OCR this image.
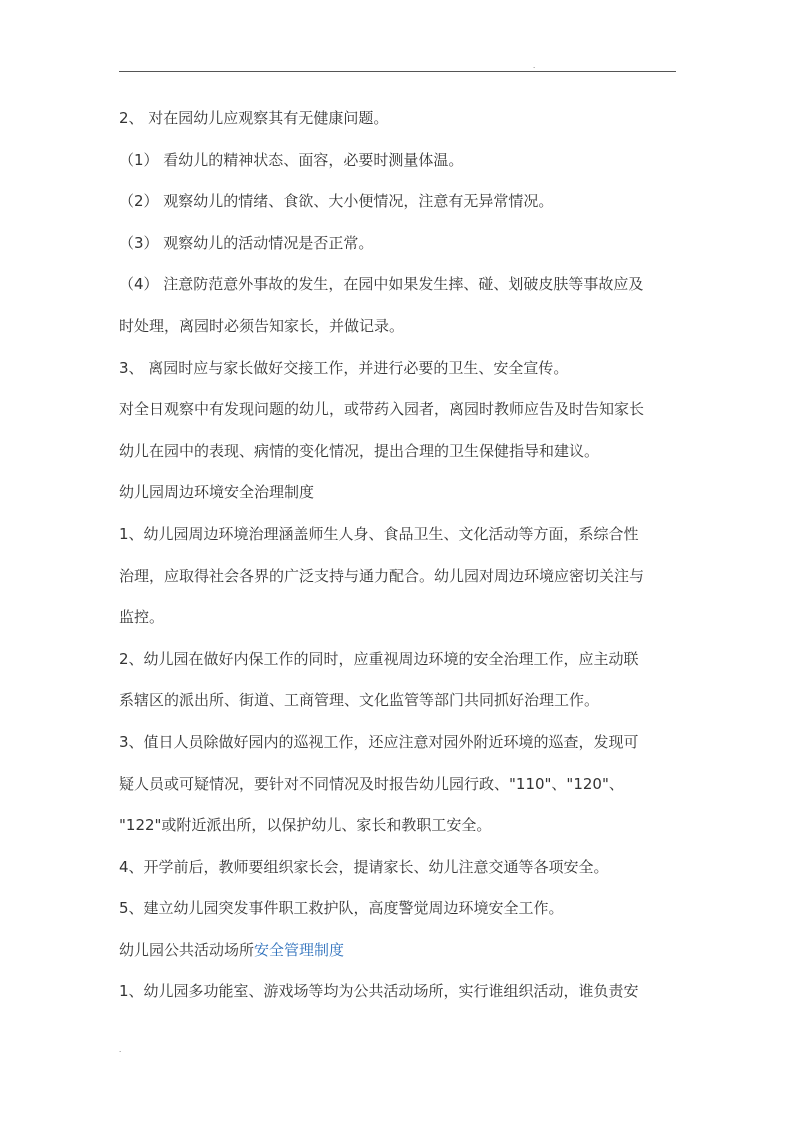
.
2、 对在园幼儿应观察其有无健康问题。
（1） 看幼儿的精神状态、面容，必要时测量体温。
（2） 观察幼儿的情绪、食欲、大小便情况，注意有无异常情况。
（3） 观察幼儿的活动情况是否正常。
（4） 注意防范意外事故的发生，在园中如果发生摔、碰、划破皮肤等事故应及
时处理，离园时必须告知家长，并做记录。
3、 离园时应与家长做好交接工作，并进行必要的卫生、安全宣传。
对全日观察中有发现问题的幼儿，或带药入园者，离园时教师应告及时告知家长
幼儿在园中的表现、病情的变化情况，提出合理的卫生保健指导和建议。
幼儿园周边环境安全治理制度
1、幼儿园周边环境治理涵盖师生人身、食品卫生、文化活动等方面，系综合性
治理，应取得社会各界的广泛支持与通力配合。幼儿园对周边环境应密切关注与
监控。
2、幼儿园在做好内保工作的同时，应重视周边环境的安全治理工作，应主动联
系辖区的派出所、街道、工商管理、文化监管等部门共同抓好治理工作。
3、值日人员除做好园内的巡视工作，还应注意对园外附近环境的巡查，发现可
疑人员或可疑情况，要针对不同情况及时报告幼儿园行政、"110"、"120"、
"122"或附近派出所，以保护幼儿、家长和教职工安全。
4、开学前后，教师要组织家长会，提请家长、幼儿注意交通等各项安全。
5、建立幼儿园突发事件职工救护队，高度警觉周边环境安全工作。
幼儿园公共活动场所安全管理制度
1、幼儿园多功能室、游戏场等均为公共活动场所，实行谁组织活动，谁负责安
.
